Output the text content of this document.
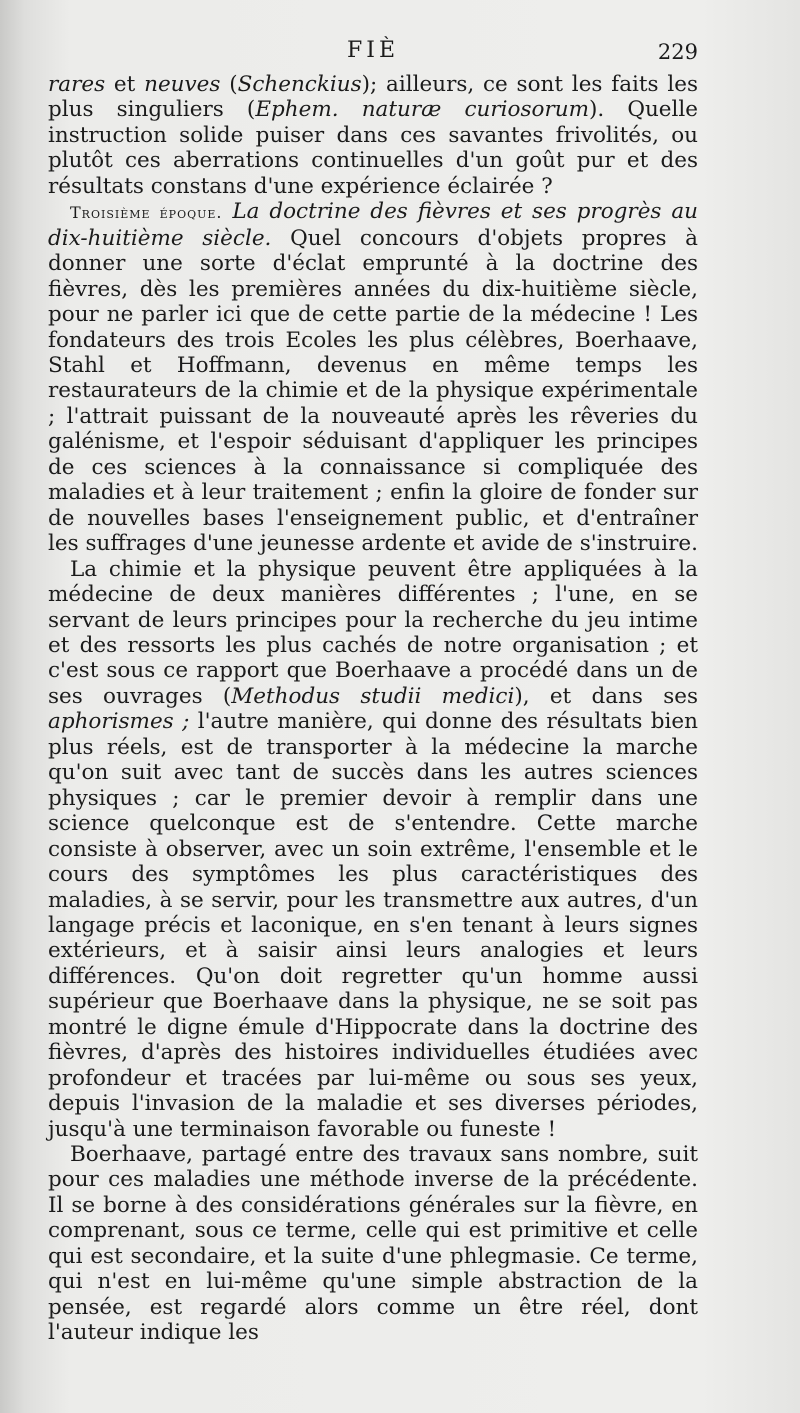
FIÈ	229

rares et neuves (Schenckius); ailleurs, ce sont les faits les plus singuliers (Ephem. naturæ curiosorum). Quelle instruction solide puiser dans ces savantes frivolités, ou plutôt ces aberrations continuelles d'un goût pur et des résultats constans d'une expérience éclairée ?

Troisième époque. La doctrine des fièvres et ses progrès au dix-huitième siècle. Quel concours d'objets propres à donner une sorte d'éclat emprunté à la doctrine des fièvres, dès les premières années du dix-huitième siècle, pour ne parler ici que de cette partie de la médecine ! Les fondateurs des trois Ecoles les plus célèbres, Boerhaave, Stahl et Hoffmann, devenus en même temps les restaurateurs de la chimie et de la physique expérimentale ; l'attrait puissant de la nouveauté après les rêveries du galénisme, et l'espoir séduisant d'appliquer les principes de ces sciences à la connaissance si compliquée des maladies et à leur traitement ; enfin la gloire de fonder sur de nouvelles bases l'enseignement public, et d'entraîner les suffrages d'une jeunesse ardente et avide de s'instruire.

La chimie et la physique peuvent être appliquées à la médecine de deux manières différentes ; l'une, en se servant de leurs principes pour la recherche du jeu intime et des ressorts les plus cachés de notre organisation ; et c'est sous ce rapport que Boerhaave a procédé dans un de ses ouvrages (Methodus studii medici), et dans ses aphorismes ; l'autre manière, qui donne des résultats bien plus réels, est de transporter à la médecine la marche qu'on suit avec tant de succès dans les autres sciences physiques ; car le premier devoir à remplir dans une science quelconque est de s'entendre. Cette marche consiste à observer, avec un soin extrême, l'ensemble et le cours des symptômes les plus caractéristiques des maladies, à se servir, pour les transmettre aux autres, d'un langage précis et laconique, en s'en tenant à leurs signes extérieurs, et à saisir ainsi leurs analogies et leurs différences. Qu'on doit regretter qu'un homme aussi supérieur que Boerhaave dans la physique, ne se soit pas montré le digne émule d'Hippocrate dans la doctrine des fièvres, d'après des histoires individuelles étudiées avec profondeur et tracées par lui-même ou sous ses yeux, depuis l'invasion de la maladie et ses diverses périodes, jusqu'à une terminaison favorable ou funeste !

Boerhaave, partagé entre des travaux sans nombre, suit pour ces maladies une méthode inverse de la précédente. Il se borne à des considérations générales sur la fièvre, en comprenant, sous ce terme, celle qui est primitive et celle qui est secondaire, et la suite d'une phlegmasie. Ce terme, qui n'est en lui-même qu'une simple abstraction de la pensée, est regardé alors comme un être réel, dont l'auteur indique les
